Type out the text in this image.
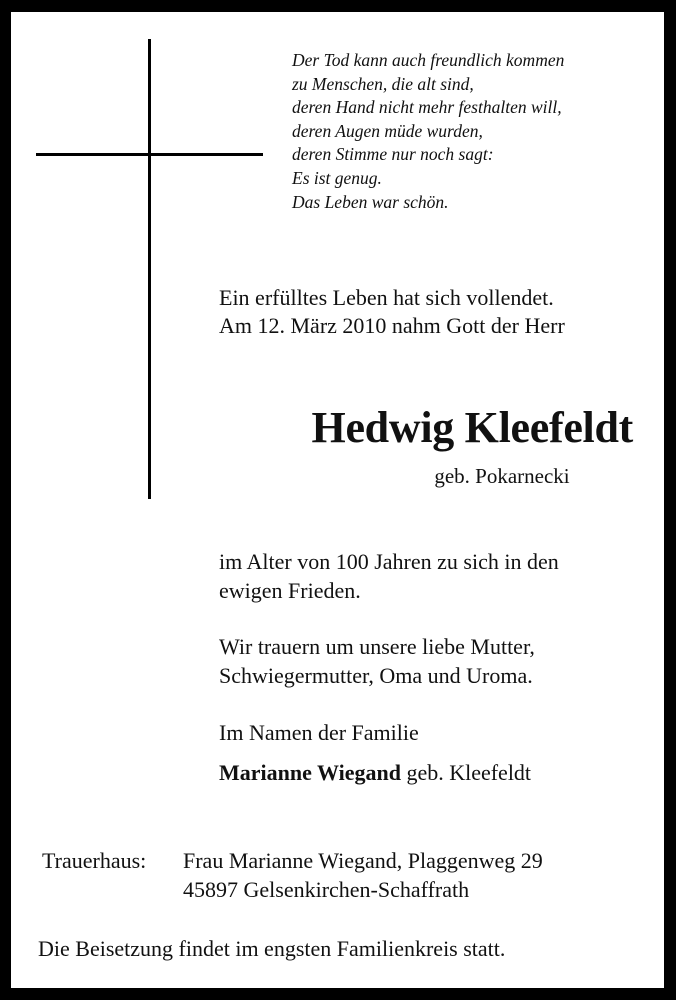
Der Tod kann auch freundlich kommen
zu Menschen, die alt sind,
deren Hand nicht mehr festhalten will,
deren Augen müde wurden,
deren Stimme nur noch sagt:
Es ist genug.
Das Leben war schön.
Ein erfülltes Leben hat sich vollendet.
Am 12. März 2010 nahm Gott der Herr
Hedwig Kleefeldt
geb. Pokarnecki
im Alter von 100 Jahren zu sich in den
ewigen Frieden.
Wir trauern um unsere liebe Mutter,
Schwiegermutter, Oma und Uroma.
Im Namen der Familie
Marianne Wiegand geb. Kleefeldt
Trauerhaus: Frau Marianne Wiegand, Plaggenweg 29
45897 Gelsenkirchen-Schaffrath
Die Beisetzung findet im engsten Familienkreis statt.
